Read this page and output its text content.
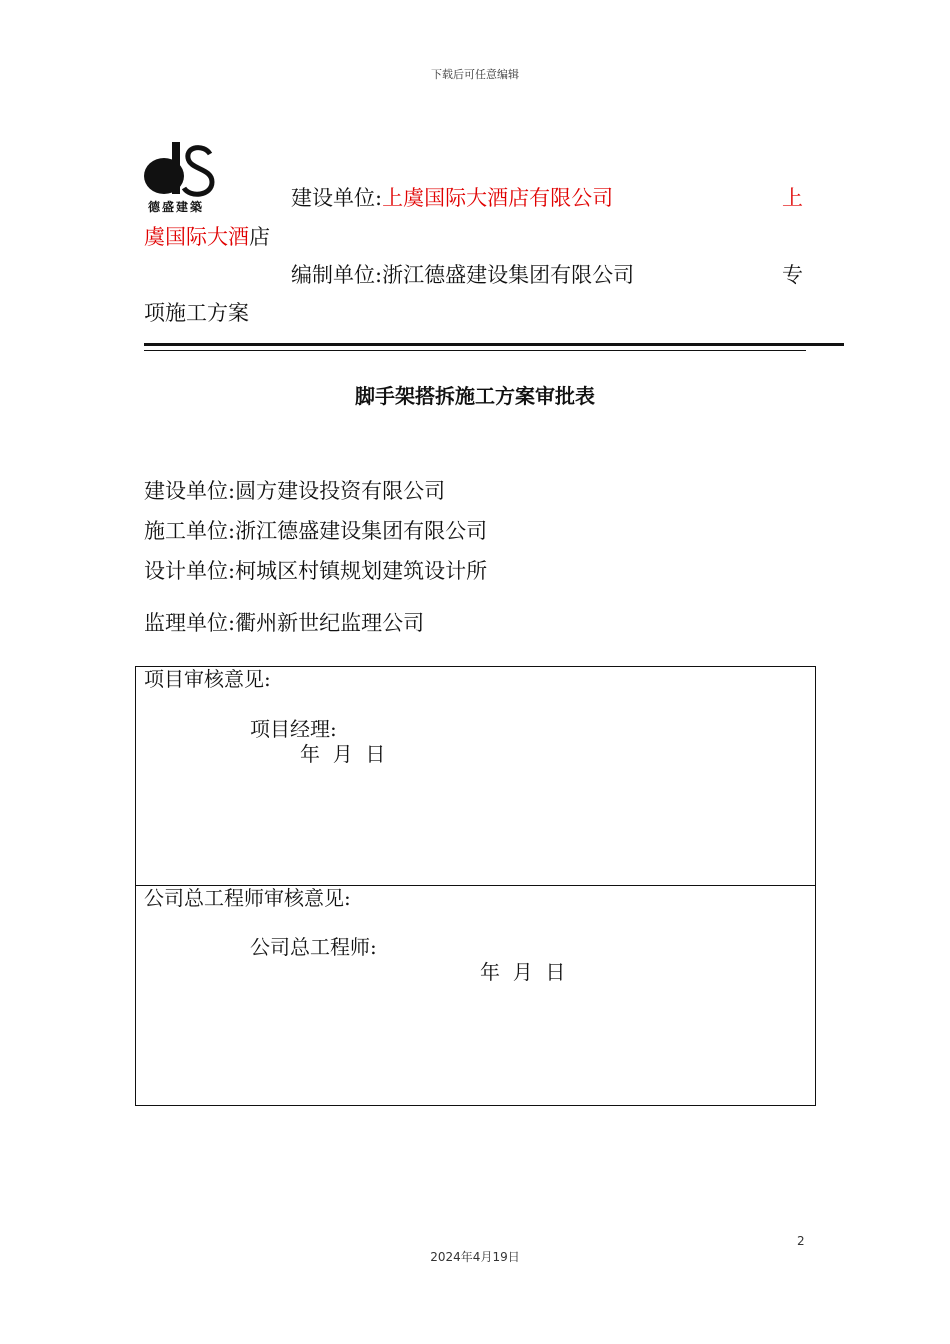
下载后可任意编辑
德盛建築	建设单位:上虞国际大酒店有限公司	上
虞国际大酒店
编制单位:浙江德盛建设集团有限公司	专
项施工方案
脚手架搭拆施工方案审批表
建设单位:圆方建设投资有限公司
施工单位:浙江德盛建设集团有限公司
设计单位:柯城区村镇规划建筑设计所
监理单位:衢州新世纪监理公司
项目审核意见:
项目经理:
年  月  日
公司总工程师审核意见:
公司总工程师:
年  月  日
2
2024年4月19日
